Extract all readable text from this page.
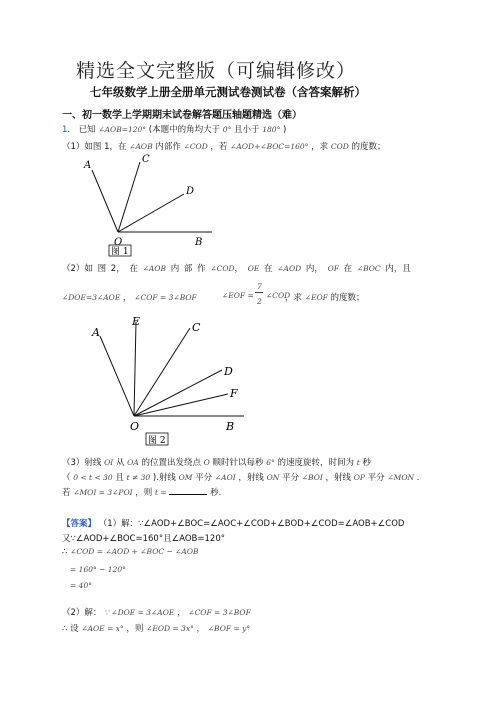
精选全文完整版（可编辑修改）
七年级数学上册全册单元测试卷测试卷（含答案解析）
一、初一数学上学期期末试卷解答题压轴题精选（难）
1． 已知 ∠AOB=120° (本题中的角均大于 0° 且小于 180° )
（1）如图 1，在 ∠AOB 内部作 ∠COD ，若 ∠AOD+∠BOC=160° ，求 COD 的度数；
A
C
D
O	B
图 1
（2）如 图 2， 在 ∠AOB 内 部 作 ∠COD， OE 在 ∠AOD 内， OF 在 ∠BOC 内，且
∠DOE=3∠AOE ， ∠COF = 3∠BOF	∠EOF =
7
2
∠COD
，求 ∠EOF 的度数；
A
E	C
D
F
O	B
图 2
（3）射线 OI 从 OA 的位置出发绕点 O 顺时针以每秒 6° 的速度旋转，时间为 t 秒
（ 0 < t < 30 且 t ≠ 30 ).射线 OM 平分 ∠AOI ，射线 ON 平分 ∠BOI ，射线 OP 平分 ∠MON .
若 ∠MOI = 3∠POI ，则 t =	秒.
【答案】 （1）解：∵∠AOD+∠BOC=∠AOC+∠COD+∠BOD+∠COD=∠AOB+∠COD
又∵∠AOD+∠BOC=160°且∠AOB=120°
∴ ∠COD = ∠AOD + ∠BOC − ∠AOB
= 160° − 120°
= 40°
（2）解： ∵ ∠DOE = 3∠AOE ， ∠COF = 3∠BOF
∴ 设 ∠AOE = x° ，则 ∠EOD = 3x° ， ∠BOF = y°
